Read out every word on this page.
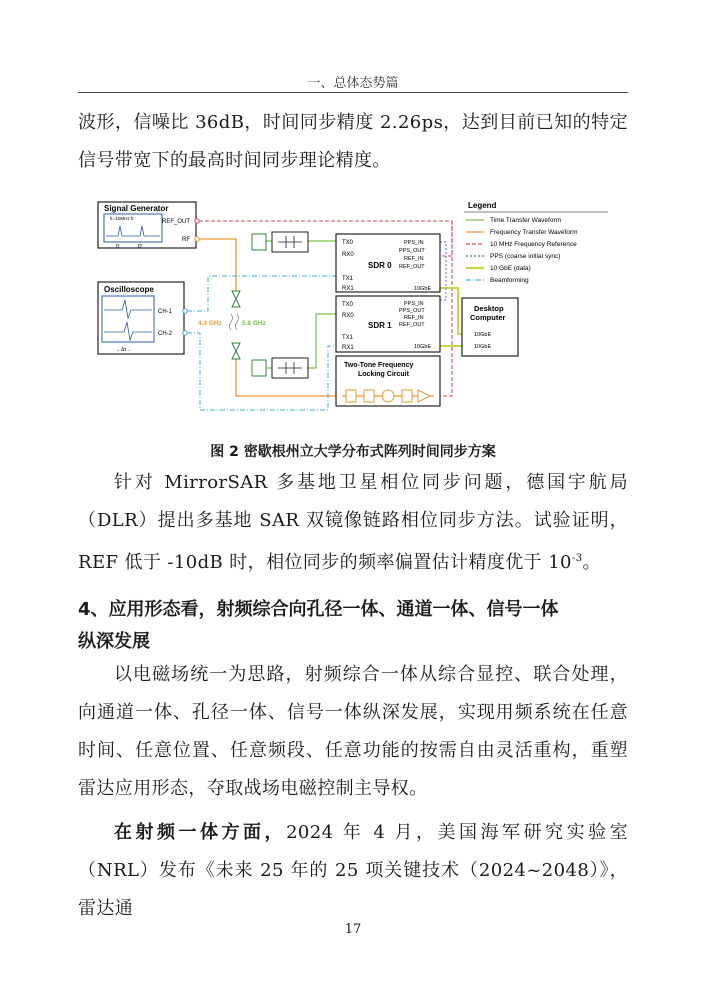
一、总体态势篇

波形，信噪比 36dB，时间同步精度 2.26ps，达到目前已知的特定信号带宽下的最高时间同步理论精度。

Signal Generator
fr=10MHz fr
f1	f2
REF_OUT
RF
Oscilloscope
←Δτ→
CH-1
CH-2
4.3 GHz	5.8 GHz
TX0
RX0
TX1
RX1
SDR 0
PPS_IN
PPS_OUT
REF_IN
REF_OUT
10GbE
TX0
RX0
TX1
RX1
SDR 1
PPS_IN
PPS_OUT
REF_IN
REF_OUT
10GbE
Two-Tone Frequency
Locking Circuit
Desktop
Computer
10GbE
10GbE
Legend
Time Transfer Waveform
Frequency Transfer Waveform
10 MHz Frequency Reference
PPS (coarse initial sync)
10 GbE (data)
Beamforming
图 2 密歇根州立大学分布式阵列时间同步方案

针对 MirrorSAR 多基地卫星相位同步问题，德国宇航局（DLR）提出多基地 SAR 双镜像链路相位同步方法。试验证明，REF 低于 -10dB 时，相位同步的频率偏置估计精度优于 $10^{-3}$。

4、应用形态看，射频综合向孔径一体、通道一体、信号一体
纵深发展

以电磁场统一为思路，射频综合一体从综合显控、联合处理，向通道一体、孔径一体、信号一体纵深发展，实现用频系统在任意时间、任意位置、任意频段、任意功能的按需自由灵活重构，重塑雷达应用形态，夺取战场电磁控制主导权。

在射频一体方面，2024 年 4 月，美国海军研究实验室（NRL）发布《未来 25 年的 25 项关键技术（2024~2048）》，雷达通

17
